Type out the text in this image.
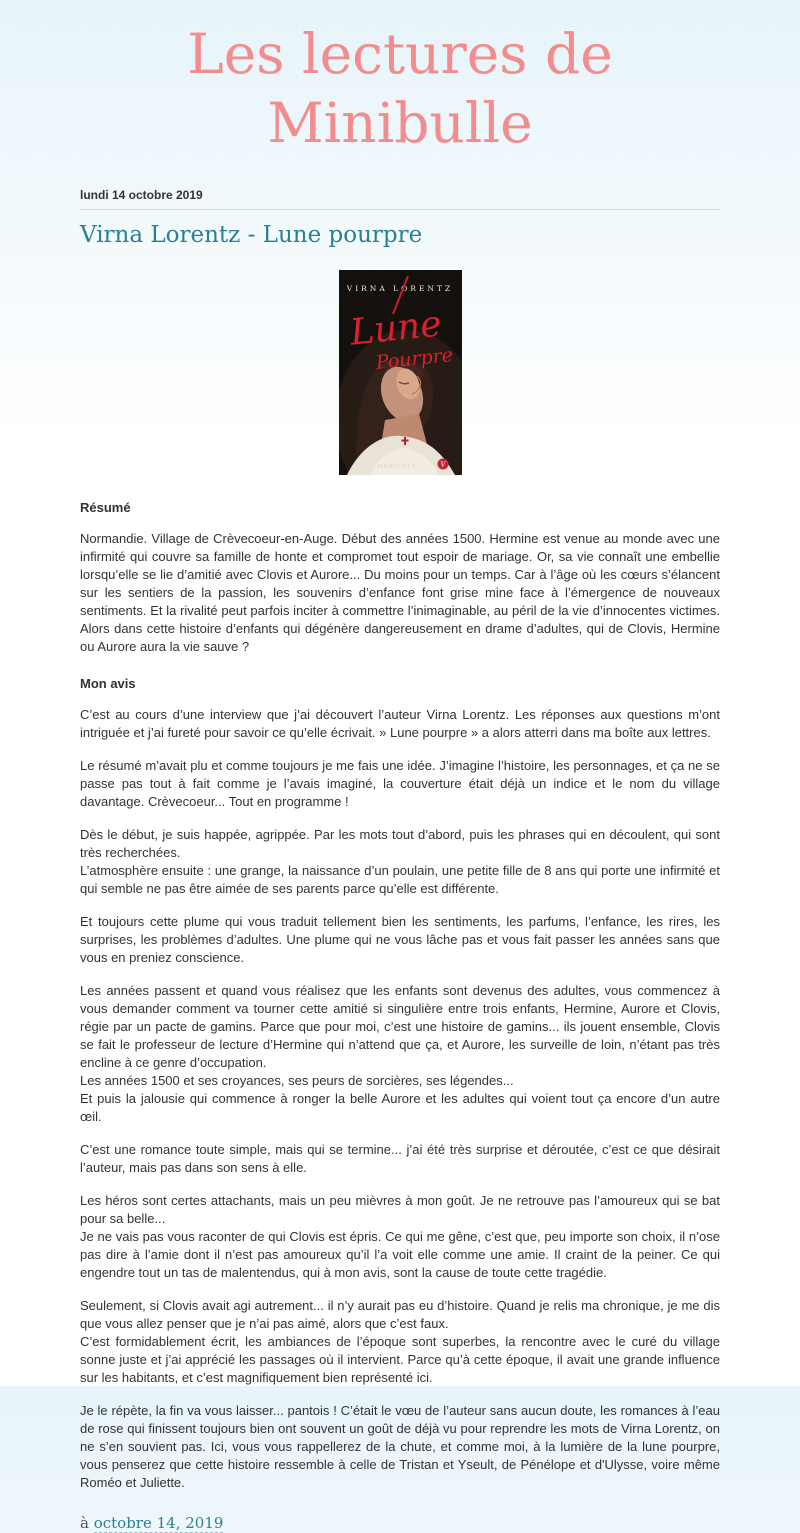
Les lectures de Minibulle
lundi 14 octobre 2019
Virna Lorentz - Lune pourpre
VIRNA LORENTZ
Lune
Pourpre
MARIVOLE	V
Résumé

Normandie. Village de Crèvecoeur-en-Auge. Début des années 1500. Hermine est venue au monde avec une infirmité qui couvre sa famille de honte et compromet tout espoir de mariage. Or, sa vie connaît une embellie lorsqu’elle se lie d’amitié avec Clovis et Aurore... Du moins pour un temps. Car à l’âge où les cœurs s’élancent sur les sentiers de la passion, les souvenirs d’enfance font grise mine face à l’émergence de nouveaux sentiments. Et la rivalité peut parfois inciter à commettre l’inimaginable, au péril de la vie d’innocentes victimes. Alors dans cette histoire d’enfants qui dégénère dangereusement en drame d’adultes, qui de Clovis, Hermine ou Aurore aura la vie sauve ?

Mon avis

C’est au cours d’une interview que j’ai découvert l’auteur Virna Lorentz. Les réponses aux questions m’ont intriguée et j’ai fureté pour savoir ce qu’elle écrivait. » Lune pourpre » a alors atterri dans ma boîte aux lettres.

Le résumé m’avait plu et comme toujours je me fais une idée. J’imagine l’histoire, les personnages, et ça ne se passe pas tout à fait comme je l’avais imaginé, la couverture était déjà un indice et le nom du village davantage. Crèvecoeur... Tout en programme !

Dès le début, je suis happée, agrippée. Par les mots tout d’abord, puis les phrases qui en découlent, qui sont très recherchées.
L’atmosphère ensuite : une grange, la naissance d’un poulain, une petite fille de 8 ans qui porte une infirmité et qui semble ne pas être aimée de ses parents parce qu’elle est différente.

Et toujours cette plume qui vous traduit tellement bien les sentiments, les parfums, l’enfance, les rires, les surprises, les problèmes d’adultes. Une plume qui ne vous lâche pas et vous fait passer les années sans que vous en preniez conscience.

Les années passent et quand vous réalisez que les enfants sont devenus des adultes, vous commencez à vous demander comment va tourner cette amitié si singulière entre trois enfants, Hermine, Aurore et Clovis, régie par un pacte de gamins. Parce que pour moi, c’est une histoire de gamins... ils jouent ensemble, Clovis se fait le professeur de lecture d’Hermine qui n’attend que ça, et Aurore, les surveille de loin, n’étant pas très encline à ce genre d’occupation.
Les années 1500 et ses croyances, ses peurs de sorcières, ses légendes...
Et puis la jalousie qui commence à ronger la belle Aurore et les adultes qui voient tout ça encore d’un autre œil.

C’est une romance toute simple, mais qui se termine... j’ai été très surprise et déroutée, c’est ce que désirait l’auteur, mais pas dans son sens à elle.

Les héros sont certes attachants, mais un peu mièvres à mon goût. Je ne retrouve pas l’amoureux qui se bat pour sa belle...
Je ne vais pas vous raconter de qui Clovis est épris. Ce qui me gêne, c’est que, peu importe son choix, il n’ose pas dire à l’amie dont il n’est pas amoureux qu’il l’a voit elle comme une amie. Il craint de la peiner. Ce qui engendre tout un tas de malentendus, qui à mon avis, sont la cause de toute cette tragédie.

Seulement, si Clovis avait agi autrement... il n’y aurait pas eu d’histoire. Quand je relis ma chronique, je me dis que vous allez penser que je n’ai pas aimé, alors que c’est faux.
C’est formidablement écrit, les ambiances de l’époque sont superbes, la rencontre avec le curé du village sonne juste et j’ai apprécié les passages où il intervient. Parce qu’à cette époque, il avait une grande influence sur les habitants, et c’est magnifiquement bien représenté ici.

Je le répète, la fin va vous laisser... pantois ! C’était le vœu de l’auteur sans aucun doute, les romances à l’eau de rose qui finissent toujours bien ont souvent un goût de déjà vu pour reprendre les mots de Virna Lorentz, on ne s’en souvient pas. Ici, vous vous rappellerez de la chute, et comme moi, à la lumière de la lune pourpre, vous penserez que cette histoire ressemble à celle de Tristan et Yseult, de Pénélope et d'Ulysse, voire même Roméo et Juliette.

à octobre 14, 2019
